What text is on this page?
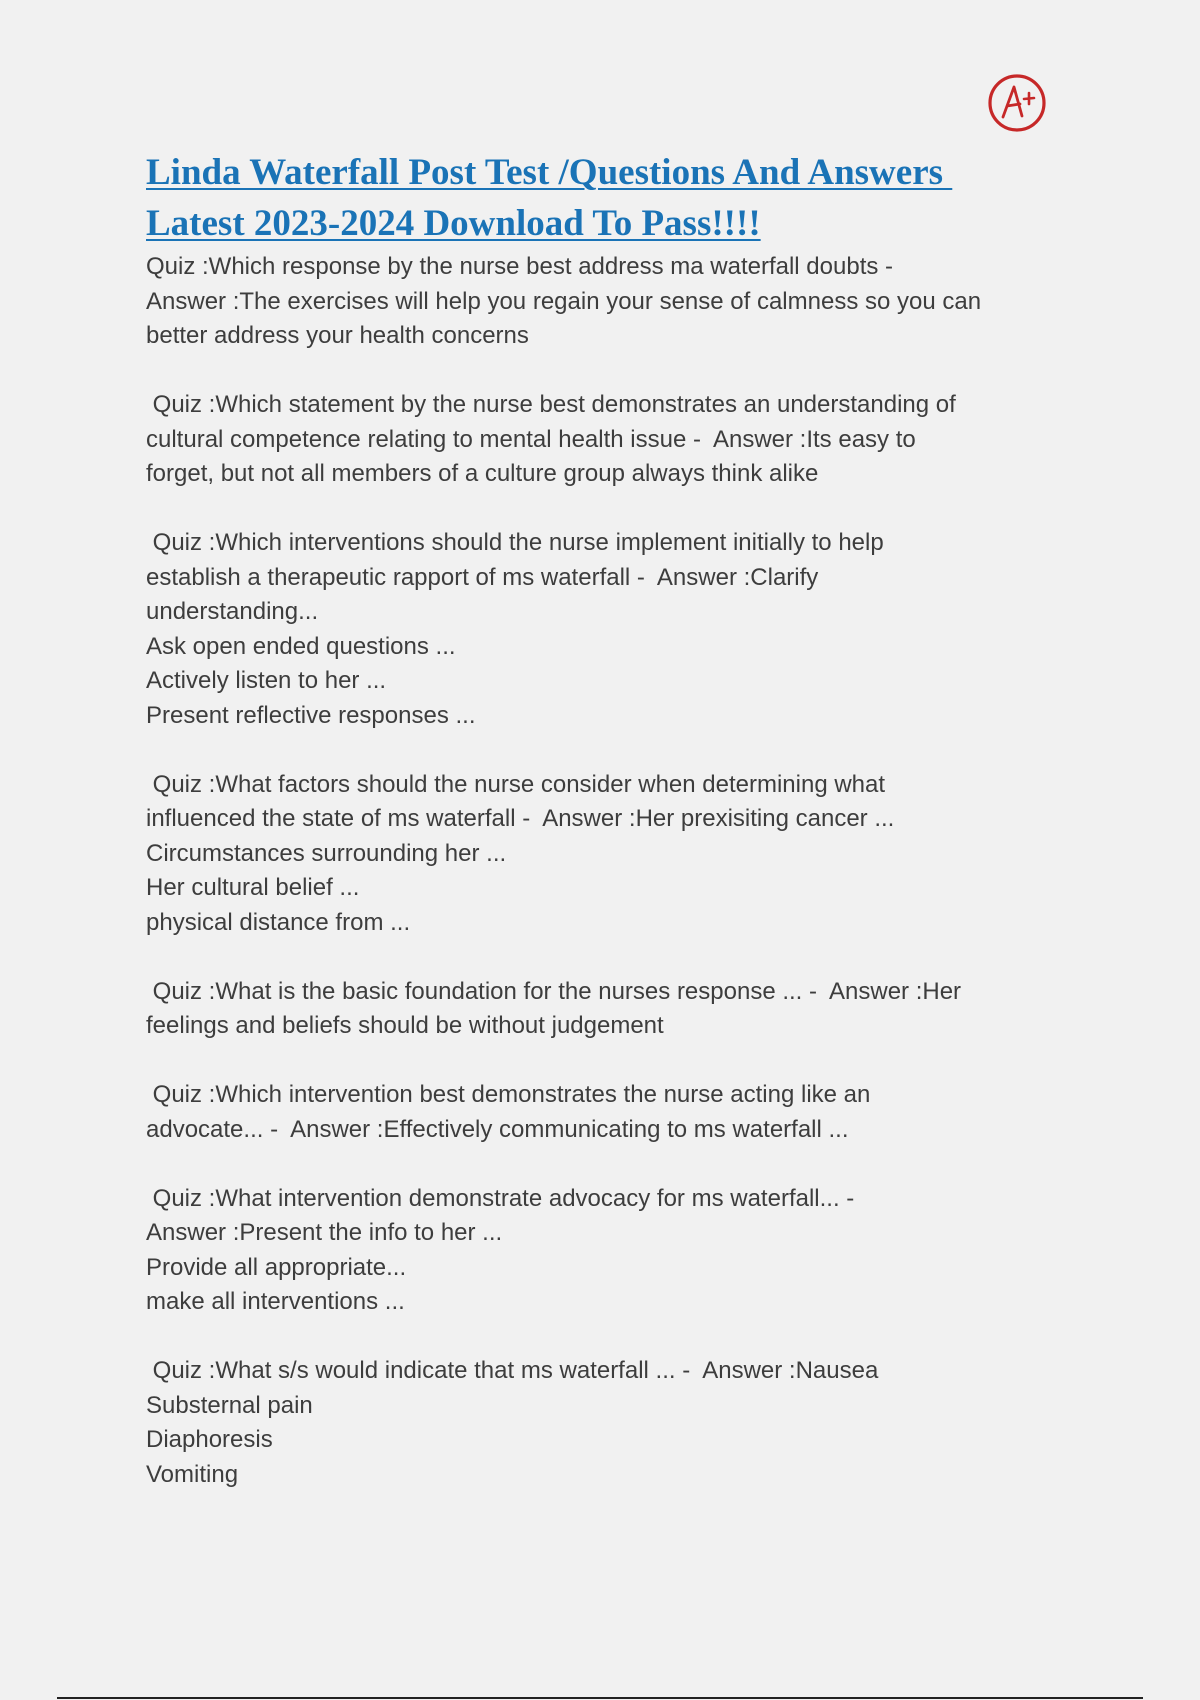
Linda Waterfall Post Test /Questions And Answers
Latest 2023-2024 Download To Pass!!!!

Quiz :Which response by the nurse best address ma waterfall doubts -
Answer :The exercises will help you regain your sense of calmness so you can
better address your health concerns

Quiz :Which statement by the nurse best demonstrates an understanding of
cultural competence relating to mental health issue -  Answer :Its easy to
forget, but not all members of a culture group always think alike

Quiz :Which interventions should the nurse implement initially to help
establish a therapeutic rapport of ms waterfall -  Answer :Clarify
understanding...
Ask open ended questions ...
Actively listen to her ...
Present reflective responses ...

Quiz :What factors should the nurse consider when determining what
influenced the state of ms waterfall -  Answer :Her prexisiting cancer ...
Circumstances surrounding her ...
Her cultural belief ...
physical distance from ...

Quiz :What is the basic foundation for the nurses response ... -  Answer :Her
feelings and beliefs should be without judgement

Quiz :Which intervention best demonstrates the nurse acting like an
advocate... -  Answer :Effectively communicating to ms waterfall ...

Quiz :What intervention demonstrate advocacy for ms waterfall... -
Answer :Present the info to her ...
Provide all appropriate...
make all interventions ...

Quiz :What s/s would indicate that ms waterfall ... -  Answer :Nausea
Substernal pain
Diaphoresis
Vomiting
